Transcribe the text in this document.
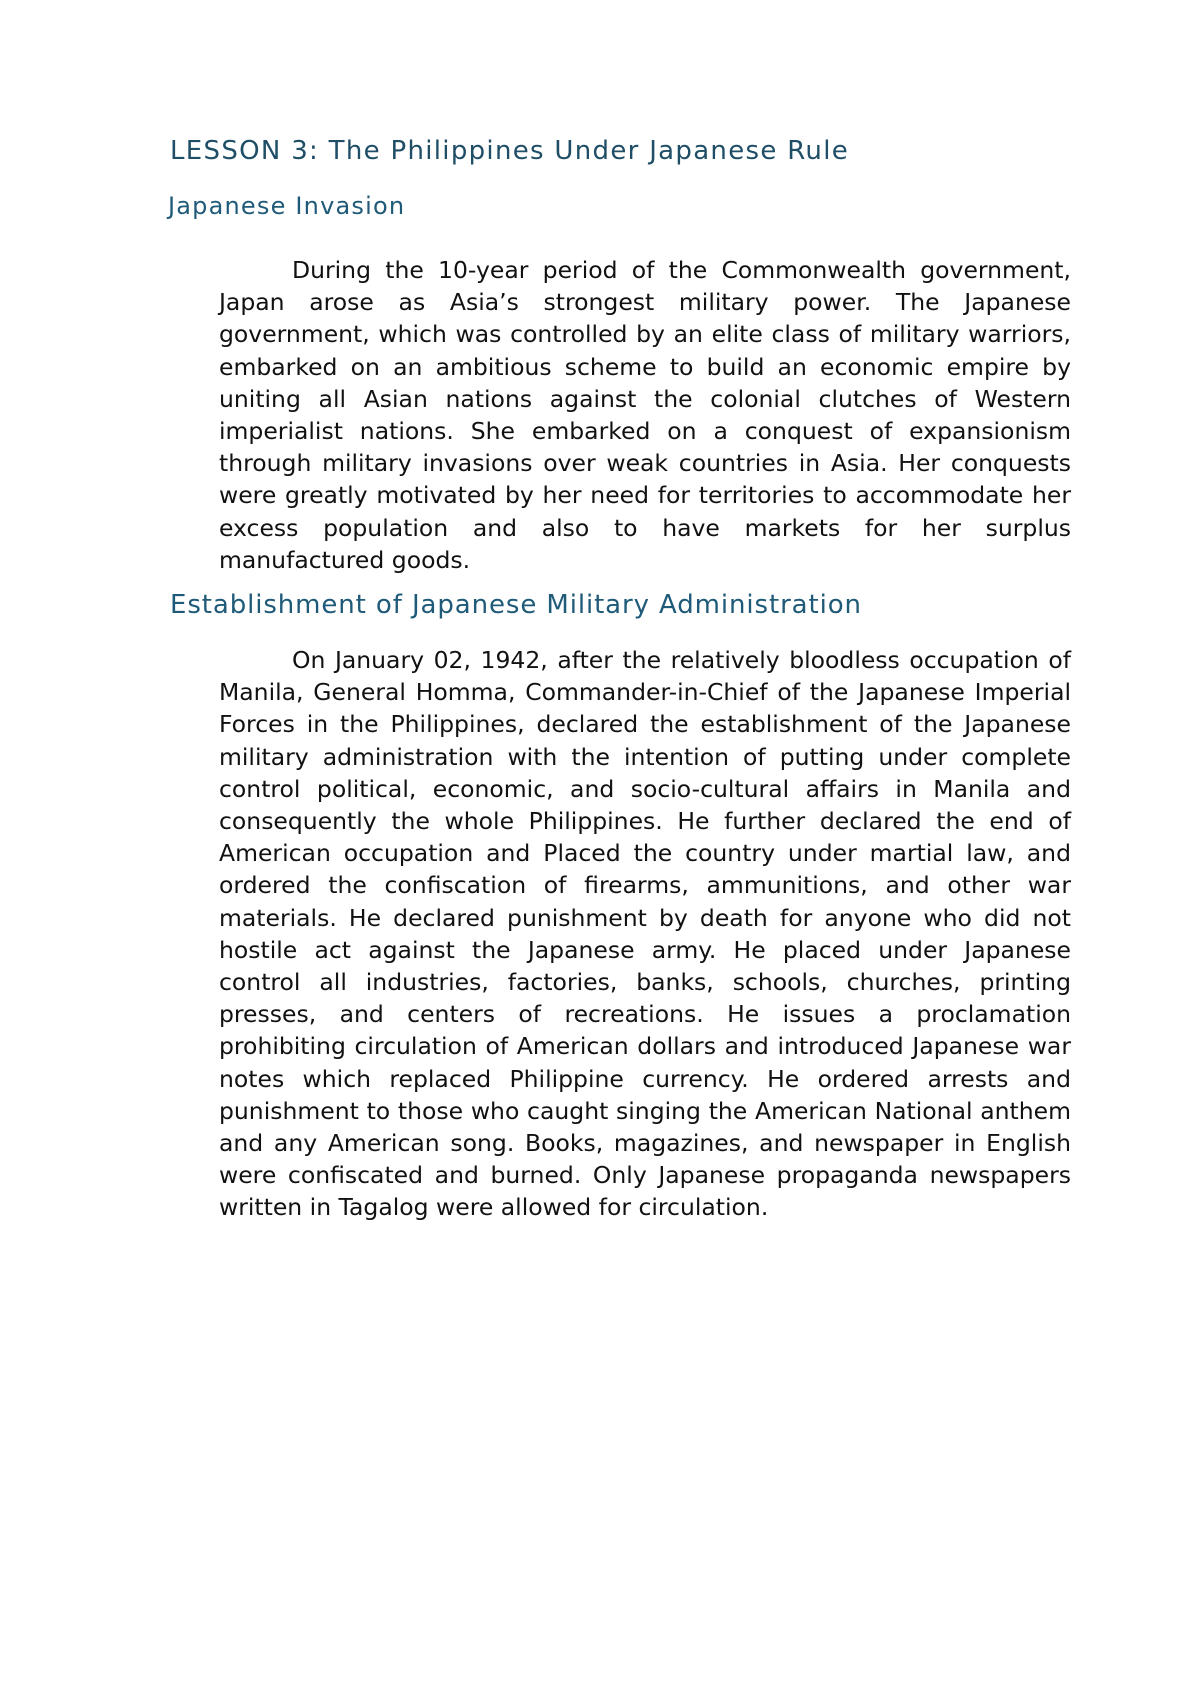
LESSON 3: The Philippines Under Japanese Rule
Japanese Invasion

During the 10-year period of the Commonwealth government, Japan arose as Asia’s strongest military power. The Japanese government, which was controlled by an elite class of military warriors, embarked on an ambitious scheme to build an economic empire by uniting all Asian nations against the colonial clutches of Western imperialist nations. She embarked on a conquest of expansionism through military invasions over weak countries in Asia. Her conquests were greatly motivated by her need for territories to accommodate her excess population and also to have markets for her surplus manufactured goods.

Establishment of Japanese Military Administration

On January 02, 1942, after the relatively bloodless occupation of Manila, General Homma, Commander-in-Chief of the Japanese Imperial Forces in the Philippines, declared the establishment of the Japanese military administration with the intention of putting under complete control political, economic, and socio-cultural affairs in Manila and consequently the whole Philippines. He further declared the end of American occupation and Placed the country under martial law, and ordered the confiscation of firearms, ammunitions, and other war materials. He declared punishment by death for anyone who did not hostile act against the Japanese army. He placed under Japanese control all industries, factories, banks, schools, churches, printing presses, and centers of recreations. He issues a proclamation prohibiting circulation of American dollars and introduced Japanese war notes which replaced Philippine currency. He ordered arrests and punishment to those who caught singing the American National anthem and any American song. Books, magazines, and newspaper in English were confiscated and burned. Only Japanese propaganda newspapers written in Tagalog were allowed for circulation.
